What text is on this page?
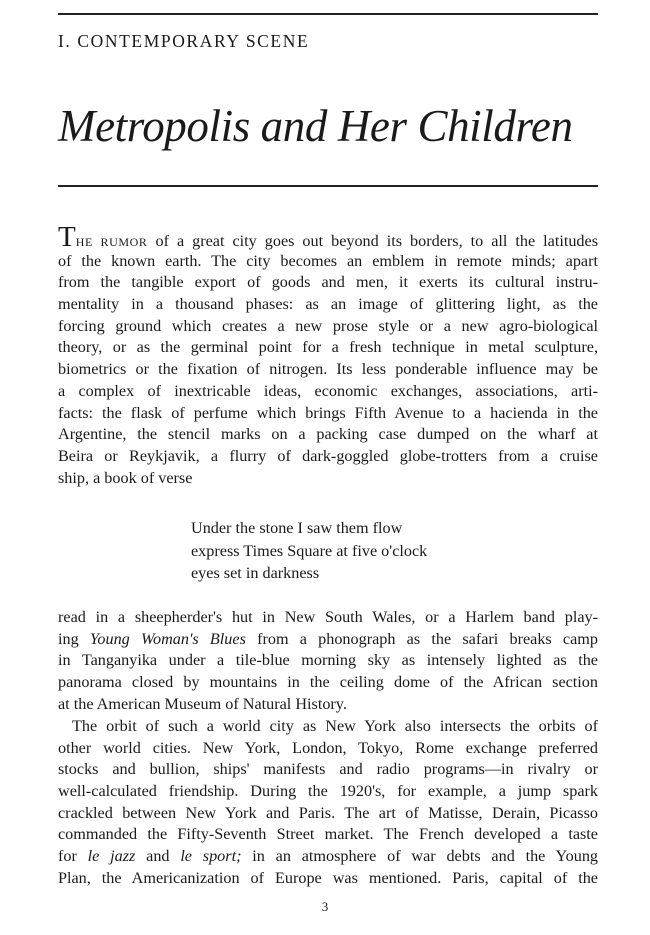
I. CONTEMPORARY SCENE
Metropolis and Her Children
THE RUMOR of a great city goes out beyond its borders, to all the latitudes
of the known earth. The city becomes an emblem in remote minds; apart
from the tangible export of goods and men, it exerts its cultural instru-
mentality in a thousand phases: as an image of glittering light, as the
forcing ground which creates a new prose style or a new agro-biological
theory, or as the germinal point for a fresh technique in metal sculpture,
biometrics or the fixation of nitrogen. Its less ponderable influence may be
a complex of inextricable ideas, economic exchanges, associations, arti-
facts: the flask of perfume which brings Fifth Avenue to a hacienda in the
Argentine, the stencil marks on a packing case dumped on the wharf at
Beira or Reykjavik, a flurry of dark-goggled globe-trotters from a cruise
ship, a book of verse
Under the stone I saw them flow
express Times Square at five o'clock
eyes set in darkness
read in a sheepherder's hut in New South Wales, or a Harlem band play-
ing Young Woman's Blues from a phonograph as the safari breaks camp
in Tanganyika under a tile-blue morning sky as intensely lighted as the
panorama closed by mountains in the ceiling dome of the African section
at the American Museum of Natural History.
The orbit of such a world city as New York also intersects the orbits of
other world cities. New York, London, Tokyo, Rome exchange preferred
stocks and bullion, ships' manifests and radio programs—in rivalry or
well-calculated friendship. During the 1920's, for example, a jump spark
crackled between New York and Paris. The art of Matisse, Derain, Picasso
commanded the Fifty-Seventh Street market. The French developed a taste
for le jazz and le sport; in an atmosphere of war debts and the Young
Plan, the Americanization of Europe was mentioned. Paris, capital of the
3
